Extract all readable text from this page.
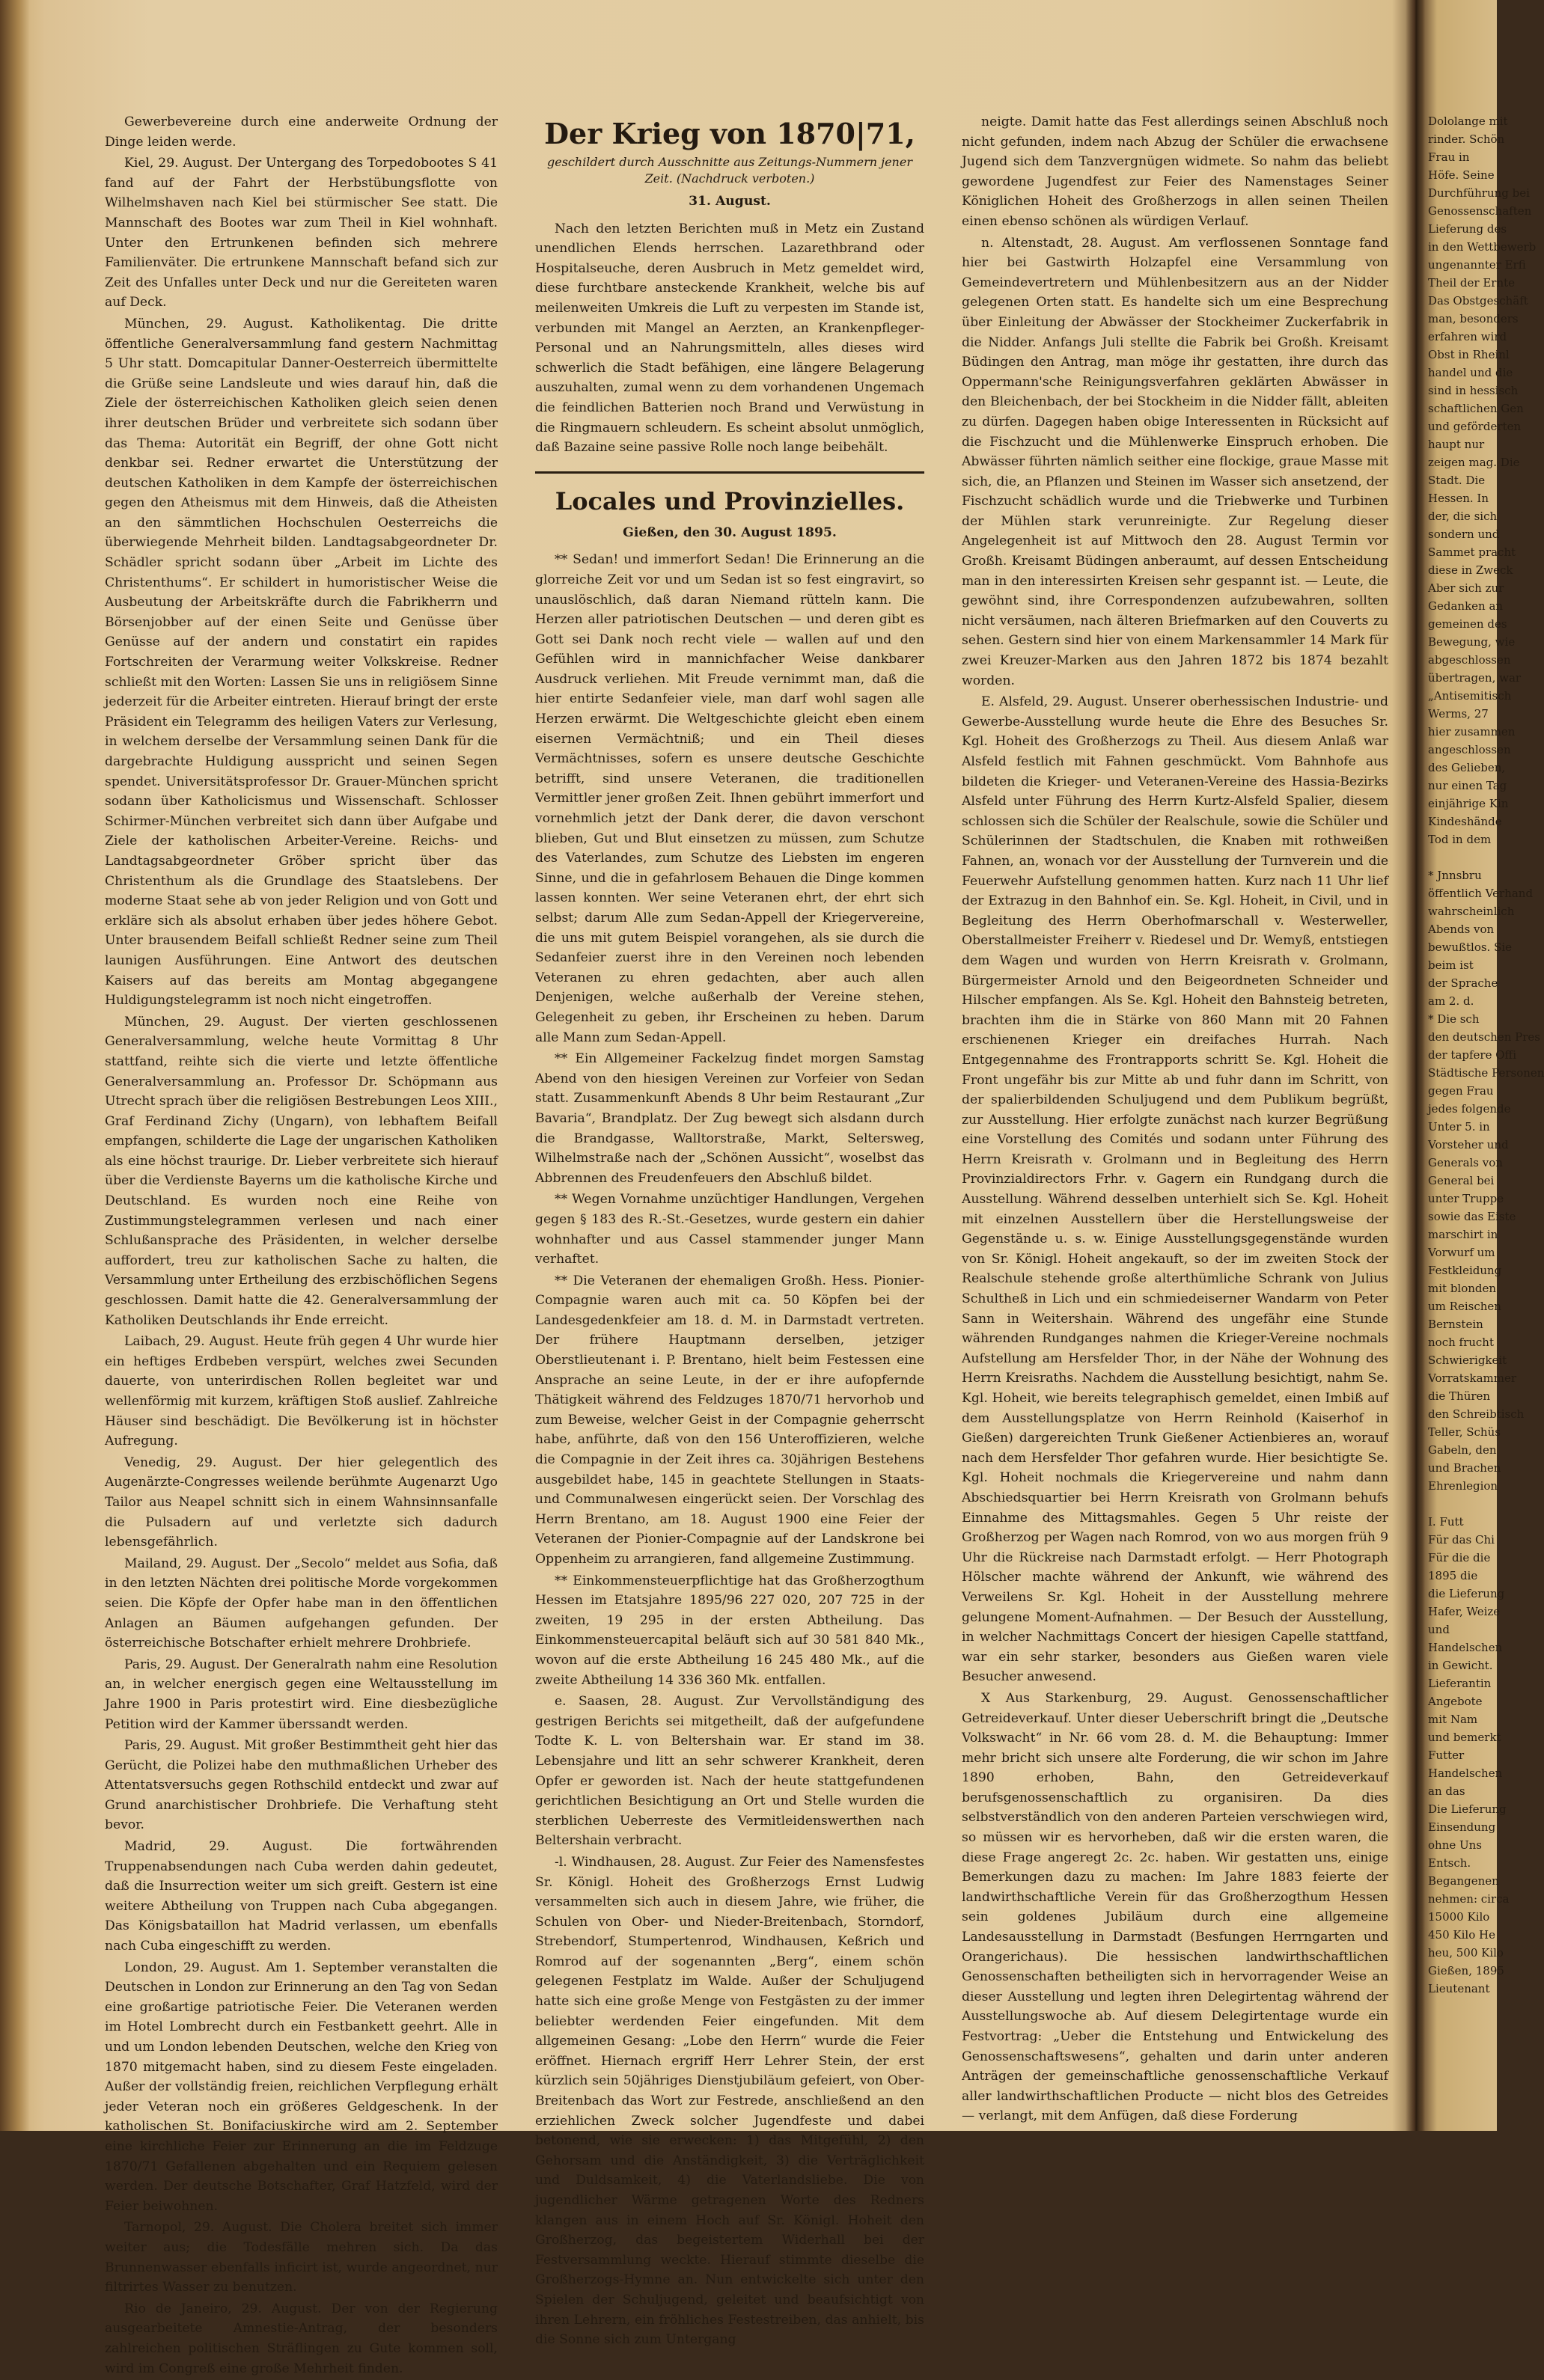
Gewerbevereine durch eine anderweite Ordnung der Dinge leiden werde.

Kiel, 29. August. Der Untergang des Torpedobootes S 41 fand auf der Fahrt der Herbstübungsflotte von Wilhelmshaven nach Kiel bei stürmischer See statt. Die Mannschaft des Bootes war zum Theil in Kiel wohnhaft. Unter den Ertrunkenen befinden sich mehrere Familienväter. Die ertrunkene Mannschaft befand sich zur Zeit des Unfalles unter Deck und nur die Gereiteten waren auf Deck.

München, 29. August. Katholikentag. Die dritte öffentliche Generalversammlung fand gestern Nachmittag 5 Uhr statt. Domcapitular Danner-Oesterreich übermittelte die Grüße seine Landsleute und wies darauf hin, daß die Ziele der österreichischen Katholiken gleich seien denen ihrer deutschen Brüder und verbreitete sich sodann über das Thema: Autorität ein Begriff, der ohne Gott nicht denkbar sei. Redner erwartet die Unterstützung der deutschen Katholiken in dem Kampfe der österreichischen gegen den Atheismus mit dem Hinweis, daß die Atheisten an den sämmtlichen Hochschulen Oesterreichs die überwiegende Mehrheit bilden. Landtagsabgeordneter Dr. Schädler spricht sodann über „Arbeit im Lichte des Christenthums“. Er schildert in humoristischer Weise die Ausbeutung der Arbeitskräfte durch die Fabrikherrn und Börsenjobber auf der einen Seite und Genüsse über Genüsse auf der andern und constatirt ein rapides Fortschreiten der Verarmung weiter Volkskreise. Redner schließt mit den Worten: Lassen Sie uns in religiösem Sinne jederzeit für die Arbeiter eintreten. Hierauf bringt der erste Präsident ein Telegramm des heiligen Vaters zur Verlesung, in welchem derselbe der Versammlung seinen Dank für die dargebrachte Huldigung ausspricht und seinen Segen spendet. Universitätsprofessor Dr. Grauer-München spricht sodann über Katholicismus und Wissenschaft. Schlosser Schirmer-München verbreitet sich dann über Aufgabe und Ziele der katholischen Arbeiter-Vereine. Reichs- und Landtagsabgeordneter Gröber spricht über das Christenthum als die Grundlage des Staatslebens. Der moderne Staat sehe ab von jeder Religion und von Gott und erkläre sich als absolut erhaben über jedes höhere Gebot. Unter brausendem Beifall schließt Redner seine zum Theil launigen Ausführungen. Eine Antwort des deutschen Kaisers auf das bereits am Montag abgegangene Huldigungstelegramm ist noch nicht eingetroffen.

München, 29. August. Der vierten geschlossenen Generalversammlung, welche heute Vormittag 8 Uhr stattfand, reihte sich die vierte und letzte öffentliche Generalversammlung an. Professor Dr. Schöpmann aus Utrecht sprach über die religiösen Bestrebungen Leos XIII., Graf Ferdinand Zichy (Ungarn), von lebhaftem Beifall empfangen, schilderte die Lage der ungarischen Katholiken als eine höchst traurige. Dr. Lieber verbreitete sich hierauf über die Verdienste Bayerns um die katholische Kirche und Deutschland. Es wurden noch eine Reihe von Zustimmungstelegrammen verlesen und nach einer Schlußansprache des Präsidenten, in welcher derselbe auffordert, treu zur katholischen Sache zu halten, die Versammlung unter Ertheilung des erzbischöflichen Segens geschlossen. Damit hatte die 42. Generalversammlung der Katholiken Deutschlands ihr Ende erreicht.

Laibach, 29. August. Heute früh gegen 4 Uhr wurde hier ein heftiges Erdbeben verspürt, welches zwei Secunden dauerte, von unterirdischen Rollen begleitet war und wellenförmig mit kurzem, kräftigen Stoß auslief. Zahlreiche Häuser sind beschädigt. Die Bevölkerung ist in höchster Aufregung.

Venedig, 29. August. Der hier gelegentlich des Augenärzte-Congresses weilende berühmte Augenarzt Ugo Tailor aus Neapel schnitt sich in einem Wahnsinnsanfalle die Pulsadern auf und verletzte sich dadurch lebensgefährlich.

Mailand, 29. August. Der „Secolo“ meldet aus Sofia, daß in den letzten Nächten drei politische Morde vorgekommen seien. Die Köpfe der Opfer habe man in den öffentlichen Anlagen an Bäumen aufgehangen gefunden. Der österreichische Botschafter erhielt mehrere Drohbriefe.

Paris, 29. August. Der Generalrath nahm eine Resolution an, in welcher energisch gegen eine Weltausstellung im Jahre 1900 in Paris protestirt wird. Eine diesbezügliche Petition wird der Kammer überssandt werden.

Paris, 29. August. Mit großer Bestimmtheit geht hier das Gerücht, die Polizei habe den muthmaßlichen Urheber des Attentatsversuchs gegen Rothschild entdeckt und zwar auf Grund anarchistischer Drohbriefe. Die Verhaftung steht bevor.

Madrid, 29. August. Die fortwährenden Truppenabsendungen nach Cuba werden dahin gedeutet, daß die Insurrection weiter um sich greift. Gestern ist eine weitere Abtheilung von Truppen nach Cuba abgegangen. Das Königsbataillon hat Madrid verlassen, um ebenfalls nach Cuba eingeschifft zu werden.

London, 29. August. Am 1. September veranstalten die Deutschen in London zur Erinnerung an den Tag von Sedan eine großartige patriotische Feier. Die Veteranen werden im Hotel Lombrecht durch ein Festbankett geehrt. Alle in und um London lebenden Deutschen, welche den Krieg von 1870 mitgemacht haben, sind zu diesem Feste eingeladen. Außer der vollständig freien, reichlichen Verpflegung erhält jeder Veteran noch ein größeres Geldgeschenk. In der katholischen St. Bonifaciuskirche wird am 2. September eine kirchliche Feier zur Erinnerung an die im Feldzuge 1870/71 Gefallenen abgehalten und ein Requiem gelesen werden. Der deutsche Botschafter, Graf Hatzfeld, wird der Feier beiwohnen.

Tarnopol, 29. August. Die Cholera breitet sich immer weiter aus; die Todesfälle mehren sich. Da das Brunnenwasser ebenfalls inficirt ist, wurde angeordnet, nur filtrirtes Wasser zu benutzen.

Rio de Janeiro, 29. August. Der von der Regierung ausgearbeitete Amnestie-Antrag, der besonders zahlreichen politischen Sträflingen zu Gute kommen soll, wird im Congreß eine große Mehrheit finden.

Der Krieg von 1870|71,
geschildert durch Ausschnitte aus Zeitungs-Nummern jener Zeit. (Nachdruck verboten.)
31. August.

Nach den letzten Berichten muß in Metz ein Zustand unendlichen Elends herrschen. Lazarethbrand oder Hospitalseuche, deren Ausbruch in Metz gemeldet wird, diese furchtbare ansteckende Krankheit, welche bis auf meilenweiten Umkreis die Luft zu verpesten im Stande ist, verbunden mit Mangel an Aerzten, an Krankenpfleger-Personal und an Nahrungsmitteln, alles dieses wird schwerlich die Stadt befähigen, eine längere Belagerung auszuhalten, zumal wenn zu dem vorhandenen Ungemach die feindlichen Batterien noch Brand und Verwüstung in die Ringmauern schleudern. Es scheint absolut unmöglich, daß Bazaine seine passive Rolle noch lange beibehält.

Locales und Provinzielles.
Gießen, den 30. August 1895.

** Sedan! und immerfort Sedan! Die Erinnerung an die glorreiche Zeit vor und um Sedan ist so fest eingravirt, so unauslöschlich, daß daran Niemand rütteln kann. Die Herzen aller patriotischen Deutschen — und deren gibt es Gott sei Dank noch recht viele — wallen auf und den Gefühlen wird in mannichfacher Weise dankbarer Ausdruck verliehen. Mit Freude vernimmt man, daß die hier entirte Sedanfeier viele, man darf wohl sagen alle Herzen erwärmt. Die Weltgeschichte gleicht eben einem eisernen Vermächtniß; und ein Theil dieses Vermächtnisses, sofern es unsere deutsche Geschichte betrifft, sind unsere Veteranen, die traditionellen Vermittler jener großen Zeit. Ihnen gebührt immerfort und vornehmlich jetzt der Dank derer, die davon verschont blieben, Gut und Blut einsetzen zu müssen, zum Schutze des Vaterlandes, zum Schutze des Liebsten im engeren Sinne, und die in gefahrlosem Behauen die Dinge kommen lassen konnten. Wer seine Veteranen ehrt, der ehrt sich selbst; darum Alle zum Sedan-Appell der Kriegervereine, die uns mit gutem Beispiel vorangehen, als sie durch die Sedanfeier zuerst ihre in den Vereinen noch lebenden Veteranen zu ehren gedachten, aber auch allen Denjenigen, welche außerhalb der Vereine stehen, Gelegenheit zu geben, ihr Erscheinen zu heben. Darum alle Mann zum Sedan-Appell.

** Ein Allgemeiner Fackelzug findet morgen Samstag Abend von den hiesigen Vereinen zur Vorfeier von Sedan statt. Zusammenkunft Abends 8 Uhr beim Restaurant „Zur Bavaria“, Brandplatz. Der Zug bewegt sich alsdann durch die Brandgasse, Walltorstraße, Markt, Seltersweg, Wilhelmstraße nach der „Schönen Aussicht“, woselbst das Abbrennen des Freudenfeuers den Abschluß bildet.

** Wegen Vornahme unzüchtiger Handlungen, Vergehen gegen § 183 des R.-St.-Gesetzes, wurde gestern ein dahier wohnhafter und aus Cassel stammender junger Mann verhaftet.

** Die Veteranen der ehemaligen Großh. Hess. Pionier-Compagnie waren auch mit ca. 50 Köpfen bei der Landesgedenkfeier am 18. d. M. in Darmstadt vertreten. Der frühere Hauptmann derselben, jetziger Oberstlieutenant i. P. Brentano, hielt beim Festessen eine Ansprache an seine Leute, in der er ihre aufopfernde Thätigkeit während des Feldzuges 1870/71 hervorhob und zum Beweise, welcher Geist in der Compagnie geherrscht habe, anführte, daß von den 156 Unteroffizieren, welche die Compagnie in der Zeit ihres ca. 30jährigen Bestehens ausgebildet habe, 145 in geachtete Stellungen in Staats- und Communalwesen eingerückt seien. Der Vorschlag des Herrn Brentano, am 18. August 1900 eine Feier der Veteranen der Pionier-Compagnie auf der Landskrone bei Oppenheim zu arrangieren, fand allgemeine Zustimmung.

** Einkommensteuerpflichtige hat das Großherzogthum Hessen im Etatsjahre 1895/96 227 020, 207 725 in der zweiten, 19 295 in der ersten Abtheilung. Das Einkommensteuercapital beläuft sich auf 30 581 840 Mk., wovon auf die erste Abtheilung 16 245 480 Mk., auf die zweite Abtheilung 14 336 360 Mk. entfallen.

e. Saasen, 28. August. Zur Vervollständigung des gestrigen Berichts sei mitgetheilt, daß der aufgefundene Todte K. L. von Beltershain war. Er stand im 38. Lebensjahre und litt an sehr schwerer Krankheit, deren Opfer er geworden ist. Nach der heute stattgefundenen gerichtlichen Besichtigung an Ort und Stelle wurden die sterblichen Ueberreste des Vermitleidenswerthen nach Beltershain verbracht.

-l. Windhausen, 28. August. Zur Feier des Namensfestes Sr. Königl. Hoheit des Großherzogs Ernst Ludwig versammelten sich auch in diesem Jahre, wie früher, die Schulen von Ober- und Nieder-Breitenbach, Storndorf, Strebendorf, Stumpertenrod, Windhausen, Keßrich und Romrod auf der sogenannten „Berg“, einem schön gelegenen Festplatz im Walde. Außer der Schuljugend hatte sich eine große Menge von Festgästen zu der immer beliebter werdenden Feier eingefunden. Mit dem allgemeinen Gesang: „Lobe den Herrn“ wurde die Feier eröffnet. Hiernach ergriff Herr Lehrer Stein, der erst kürzlich sein 50jähriges Dienstjubiläum gefeiert, von Ober-Breitenbach das Wort zur Festrede, anschließend an den erziehlichen Zweck solcher Jugendfeste und dabei betonend, wie sie erwecken: 1) das Mitgefühl, 2) den Gehorsam und die Anständigkeit, 3) die Verträglichkeit und Duldsamkeit, 4) die Vaterlandsliebe. Die von jugendlicher Wärme getragenen Worte des Redners klangen aus in einem Hoch auf Sr. Königl. Hoheit den Großherzog, das begeistertem Widerhall bei der Festversammlung weckte. Hierauf stimmte dieselbe die Großherzogs-Hymne an. Nun entwickelte sich unter den Spielen der Schuljugend, geleitet und beaufsichtigt von ihren Lehrern, ein fröhliches Festestreiben, das anhielt, bis die Sonne sich zum Untergang

neigte. Damit hatte das Fest allerdings seinen Abschluß noch nicht gefunden, indem nach Abzug der Schüler die erwachsene Jugend sich dem Tanzvergnügen widmete. So nahm das beliebt gewordene Jugendfest zur Feier des Namenstages Seiner Königlichen Hoheit des Großherzogs in allen seinen Theilen einen ebenso schönen als würdigen Verlauf.

n. Altenstadt, 28. August. Am verflossenen Sonntage fand hier bei Gastwirth Holzapfel eine Versammlung von Gemeindevertretern und Mühlenbesitzern aus an der Nidder gelegenen Orten statt. Es handelte sich um eine Besprechung über Einleitung der Abwässer der Stockheimer Zuckerfabrik in die Nidder. Anfangs Juli stellte die Fabrik bei Großh. Kreisamt Büdingen den Antrag, man möge ihr gestatten, ihre durch das Oppermann'sche Reinigungsverfahren geklärten Abwässer in den Bleichenbach, der bei Stockheim in die Nidder fällt, ableiten zu dürfen. Dagegen haben obige Interessenten in Rücksicht auf die Fischzucht und die Mühlenwerke Einspruch erhoben. Die Abwässer führten nämlich seither eine flockige, graue Masse mit sich, die, an Pflanzen und Steinen im Wasser sich ansetzend, der Fischzucht schädlich wurde und die Triebwerke und Turbinen der Mühlen stark verunreinigte. Zur Regelung dieser Angelegenheit ist auf Mittwoch den 28. August Termin vor Großh. Kreisamt Büdingen anberaumt, auf dessen Entscheidung man in den interessirten Kreisen sehr gespannt ist. — Leute, die gewöhnt sind, ihre Correspondenzen aufzubewahren, sollten nicht versäumen, nach älteren Briefmarken auf den Couverts zu sehen. Gestern sind hier von einem Markensammler 14 Mark für zwei Kreuzer-Marken aus den Jahren 1872 bis 1874 bezahlt worden.

E. Alsfeld, 29. August. Unserer oberhessischen Industrie- und Gewerbe-Ausstellung wurde heute die Ehre des Besuches Sr. Kgl. Hoheit des Großherzogs zu Theil. Aus diesem Anlaß war Alsfeld festlich mit Fahnen geschmückt. Vom Bahnhofe aus bildeten die Krieger- und Veteranen-Vereine des Hassia-Bezirks Alsfeld unter Führung des Herrn Kurtz-Alsfeld Spalier, diesem schlossen sich die Schüler der Realschule, sowie die Schüler und Schülerinnen der Stadtschulen, die Knaben mit rothweißen Fahnen, an, wonach vor der Ausstellung der Turnverein und die Feuerwehr Aufstellung genommen hatten. Kurz nach 11 Uhr lief der Extrazug in den Bahnhof ein. Se. Kgl. Hoheit, in Civil, und in Begleitung des Herrn Oberhofmarschall v. Westerweller, Oberstallmeister Freiherr v. Riedesel und Dr. Wemyß, entstiegen dem Wagen und wurden von Herrn Kreisrath v. Grolmann, Bürgermeister Arnold und den Beigeordneten Schneider und Hilscher empfangen. Als Se. Kgl. Hoheit den Bahnsteig betreten, brachten ihm die in Stärke von 860 Mann mit 20 Fahnen erschienenen Krieger ein dreifaches Hurrah. Nach Entgegennahme des Frontrapports schritt Se. Kgl. Hoheit die Front ungefähr bis zur Mitte ab und fuhr dann im Schritt, von der spalierbildenden Schuljugend und dem Publikum begrüßt, zur Ausstellung. Hier erfolgte zunächst nach kurzer Begrüßung eine Vorstellung des Comités und sodann unter Führung des Herrn Kreisrath v. Grolmann und in Begleitung des Herrn Provinzialdirectors Frhr. v. Gagern ein Rundgang durch die Ausstellung. Während desselben unterhielt sich Se. Kgl. Hoheit mit einzelnen Ausstellern über die Herstellungsweise der Gegenstände u. s. w. Einige Ausstellungsgegenstände wurden von Sr. Königl. Hoheit angekauft, so der im zweiten Stock der Realschule stehende große alterthümliche Schrank von Julius Schultheß in Lich und ein schmiedeiserner Wandarm von Peter Sann in Weitershain. Während des ungefähr eine Stunde währenden Rundganges nahmen die Krieger-Vereine nochmals Aufstellung am Hersfelder Thor, in der Nähe der Wohnung des Herrn Kreisraths. Nachdem die Ausstellung besichtigt, nahm Se. Kgl. Hoheit, wie bereits telegraphisch gemeldet, einen Imbiß auf dem Ausstellungsplatze von Herrn Reinhold (Kaiserhof in Gießen) dargereichten Trunk Gießener Actienbieres an, worauf nach dem Hersfelder Thor gefahren wurde. Hier besichtigte Se. Kgl. Hoheit nochmals die Kriegervereine und nahm dann Abschiedsquartier bei Herrn Kreisrath von Grolmann behufs Einnahme des Mittagsmahles. Gegen 5 Uhr reiste der Großherzog per Wagen nach Romrod, von wo aus morgen früh 9 Uhr die Rückreise nach Darmstadt erfolgt. — Herr Photograph Hölscher machte während der Ankunft, wie während des Verweilens Sr. Kgl. Hoheit in der Ausstellung mehrere gelungene Moment-Aufnahmen. — Der Besuch der Ausstellung, in welcher Nachmittags Concert der hiesigen Capelle stattfand, war ein sehr starker, besonders aus Gießen waren viele Besucher anwesend.

X Aus Starkenburg, 29. August. Genossenschaftlicher Getreideverkauf. Unter dieser Ueberschrift bringt die „Deutsche Volkswacht“ in Nr. 66 vom 28. d. M. die Behauptung: Immer mehr bricht sich unsere alte Forderung, die wir schon im Jahre 1890 erhoben, Bahn, den Getreideverkauf berufsgenossenschaftlich zu organisiren. Da dies selbstverständlich von den anderen Parteien verschwiegen wird, so müssen wir es hervorheben, daß wir die ersten waren, die diese Frage angeregt 2c. 2c. haben. Wir gestatten uns, einige Bemerkungen dazu zu machen: Im Jahre 1883 feierte der landwirthschaftliche Verein für das Großherzogthum Hessen sein goldenes Jubiläum durch eine allgemeine Landesausstellung in Darmstadt (Besfungen Herrngarten und Orangerichaus). Die hessischen landwirthschaftlichen Genossenschaften betheiligten sich in hervorragender Weise an dieser Ausstellung und legten ihren Delegirtentag während der Ausstellungswoche ab. Auf diesem Delegirtentage wurde ein Festvortrag: „Ueber die Entstehung und Entwickelung des Genossenschaftswesens“, gehalten und darin unter anderen Anträgen der gemeinschaftliche genossenschaftliche Verkauf aller landwirthschaftlichen Producte — nicht blos des Getreides — verlangt, mit dem Anfügen, daß diese Forderung

Dololange mit
rinder. Schön
Frau in
Höfe. Seine
Durchführung bei
Genossenschaften
Lieferung des
in den Wettbewerb
ungenannter Erfi
Theil der Ernte
Das Obstgeschäft
man, besonders
erfahren wird
Obst in Rheinl
handel und die
sind in hessisch
schaftlichen Gen
und geförderten
haupt nur
zeigen mag. Die
Stadt. Die
Hessen. In
der, die sich
sondern und
Sammet pracht
diese in Zweck
Aber sich zur
Gedanken an
gemeinen des
Bewegung, wie
abgeschlossen
übertragen, war
„Antisemitisch
Werms, 27
hier zusammen
angeschlossen
des Gelieben,
nur einen Tag
einjährige Kin
Kindeshände
Tod in dem
* Jnnsbru
öffentlich Verhand
wahrscheinlich
Abends von
bewußtlos. Sie
beim ist
der Sprache
am 2. d.
* Die sch
den deutschen Pres
der tapfere Offi
Städtische Personen
gegen Frau
jedes folgende
Unter 5. in
Vorsteher und
Generals von
General bei
unter Truppe
sowie das Eiste
marschirt in
Vorwurf um
Festkleidung
mit blonden
um Reischen
Bernstein
noch frucht
Schwierigkeit
Vorratskammer
die Thüren
den Schreibtisch
Teller, Schüs
Gabeln, den
und Brachen
Ehrenlegion
I. Futt
Für das Chi
Für die die
1895 die
die Lieferung
Hafer, Weize
und
Handelschen
in Gewicht.
Lieferantin
Angebote
mit Nam
und bemerkt
Futter
Handelschen
an das
Die Lieferung
Einsendung
ohne Uns
Entsch.
Begangenen
nehmen: circa
15000 Kilo
450 Kilo He
heu, 500 Kilo
Gießen, 1895
Lieutenant
